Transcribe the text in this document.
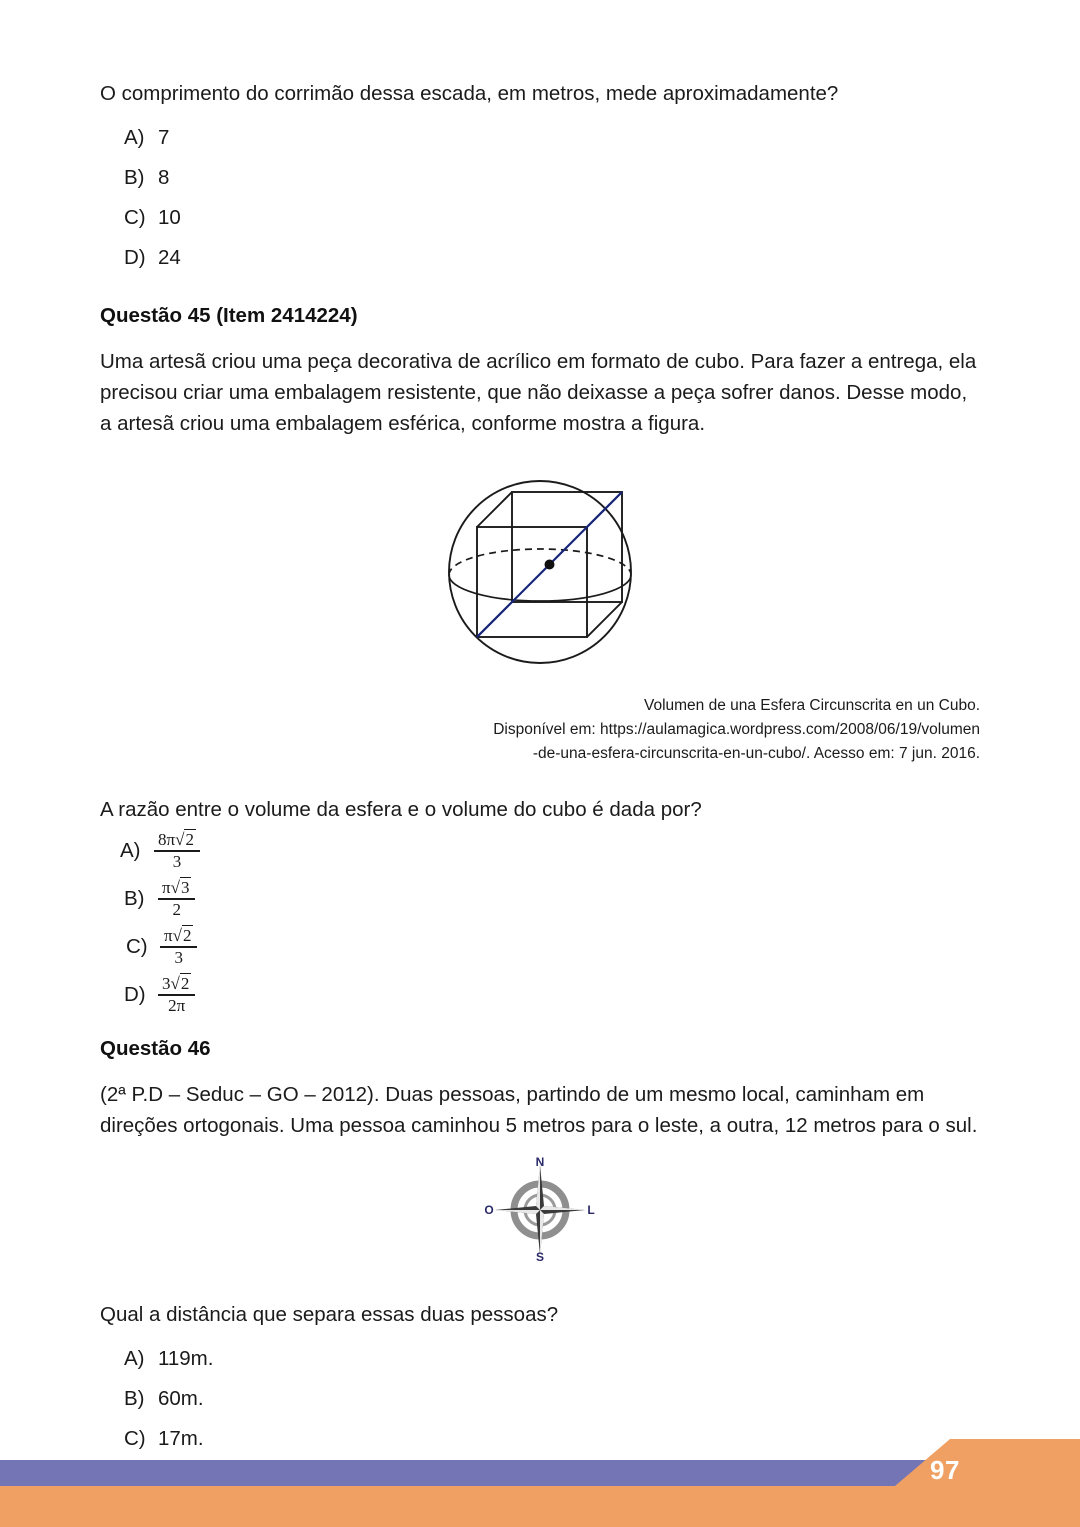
O comprimento do corrimão dessa escada, em metros, mede aproximadamente?

A) 7
B) 8
C) 10
D) 24
Questão 45 (Item 2414224)

Uma artesã criou uma peça decorativa de acrílico em formato de cubo. Para fazer a entrega, ela precisou criar uma embalagem resistente, que não deixasse a peça sofrer danos. Desse modo, a artesã criou uma embalagem esférica, conforme mostra a figura.

Volumen de una Esfera Circunscrita en un Cubo.

Disponível em: https://aulamagica.wordpress.com/2008/06/19/volumen

-de-una-esfera-circunscrita-en-un-cubo/. Acesso em: 7 jun. 2016.

A razão entre o volume da esfera e o volume do cubo é dada por?

$A) \frac{8\pi√2}{3}$
$B) \frac{\pi√3}{2}$
$C) \frac{\pi√2}{3}$
$D) \frac{3√2}{2\pi}$
Questão 46

(2ª P.D – Seduc – GO – 2012). Duas pessoas, partindo de um mesmo local, caminham em direções ortogonais. Uma pessoa caminhou 5 metros para o leste, a outra, 12 metros para o sul.

N
S
O	L

Qual a distância que separa essas duas pessoas?

A) 119m.
B) 60m.
C) 17m.
97
